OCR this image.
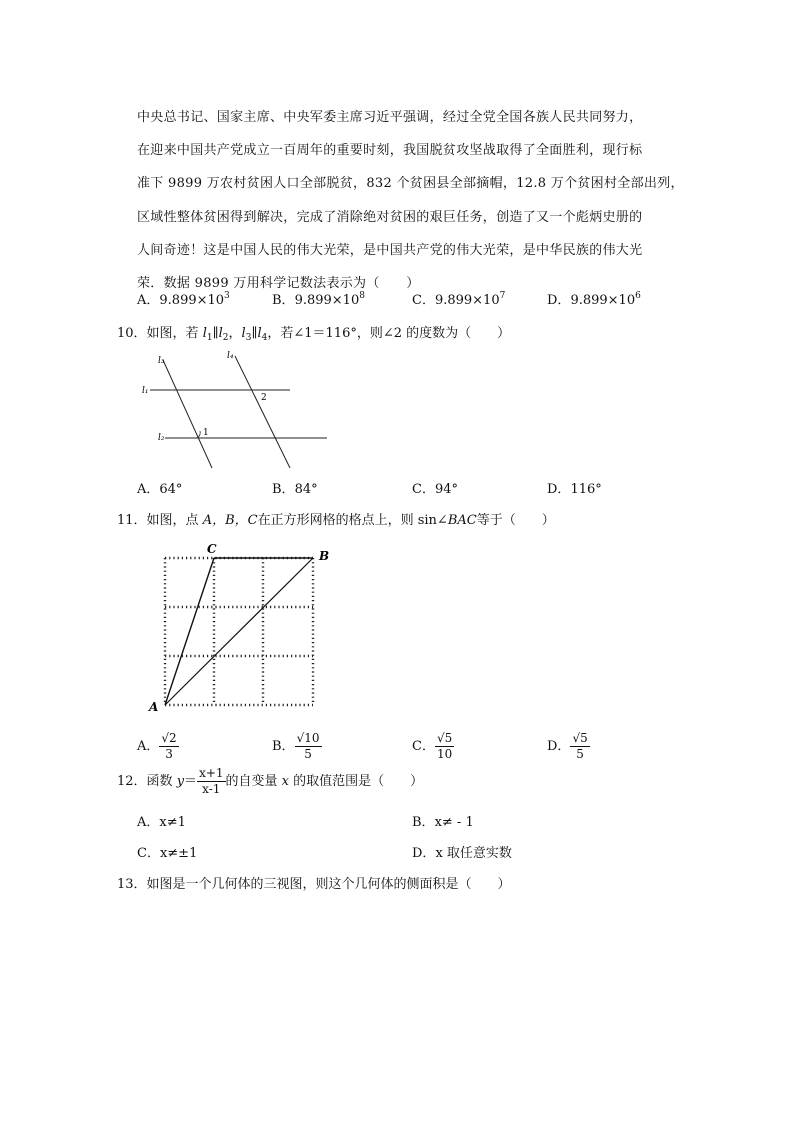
中央总书记、国家主席、中央军委主席习近平强调，经过全党全国各族人民共同努力，
在迎来中国共产党成立一百周年的重要时刻，我国脱贫攻坚战取得了全面胜利，现行标
准下 9899 万农村贫困人口全部脱贫，832 个贫困县全部摘帽，12.8 万个贫困村全部出列，
区域性整体贫困得到解决，完成了消除绝对贫困的艰巨任务，创造了又一个彪炳史册的
人间奇迹！这是中国人民的伟大光荣，是中国共产党的伟大光荣，是中华民族的伟大光
荣．数据 9899 万用科学记数法表示为（　　）
A．$9.899\times 10^3$	B．$9.899\times 10^8$	C．$9.899\times 10^7$	D．$9.899\times 10^6$
10．如图，若 $l_1\parallel l_2$，$l_3\parallel l_4$，若∠1＝116°，则∠2 的度数为（　　）
l₃	l₄
l₁
l₂	1
2
A．64°	B．84°	C．94°	D．116°
11．如图，点 A，B，C在正方形网格的格点上，则 sin∠BAC等于（　　）
C	B
A
A． $\frac{√2}{3}$	B． $\frac{√10}{5}$	C． $\frac{√5}{10}$	D． $\frac{√5}{5}$
12．函数 $y= \frac{x+1}{x-1}$ 的自变量 x 的取值范围是（　　）
A．x≠1	B．x≠ - 1
C．x≠±1	D．x 取任意实数
13．如图是一个几何体的三视图，则这个几何体的侧面积是（　　）
